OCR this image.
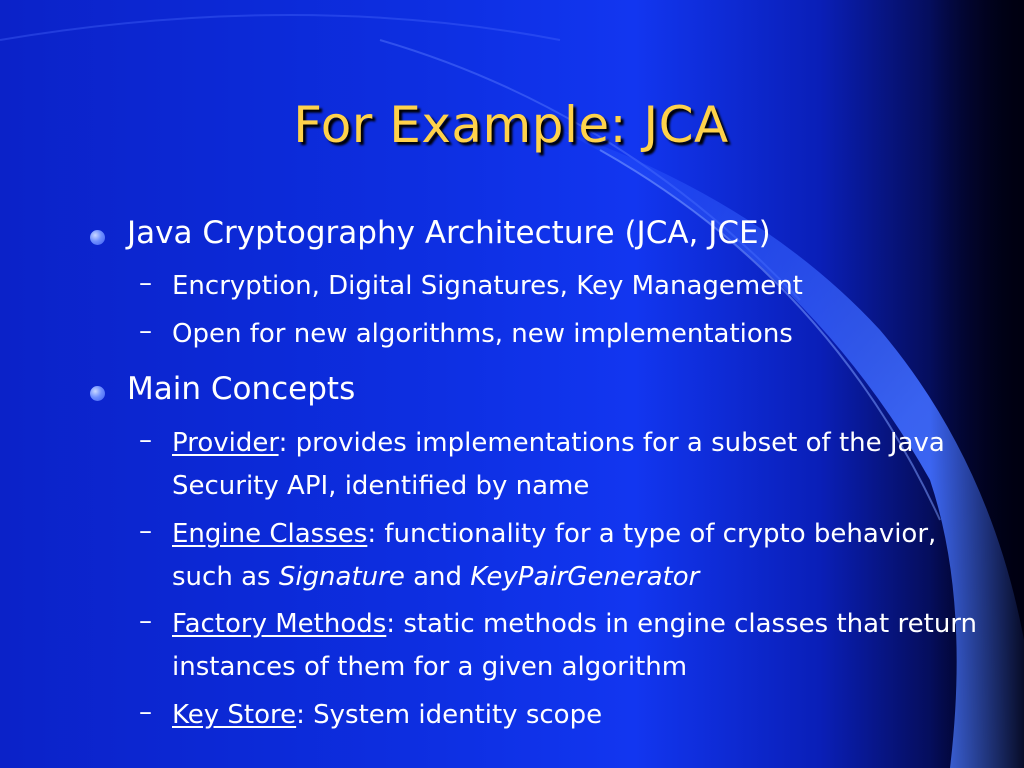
For Example: JCA
Java Cryptography Architecture (JCA, JCE)
– Encryption, Digital Signatures, Key Management
– Open for new algorithms, new implementations
Main Concepts
– Provider: provides implementations for a subset of the Java Security API, identified by name
– Engine Classes: functionality for a type of crypto behavior, such as Signature and KeyPairGenerator
– Factory Methods: static methods in engine classes that return instances of them for a given algorithm
– Key Store: System identity scope
